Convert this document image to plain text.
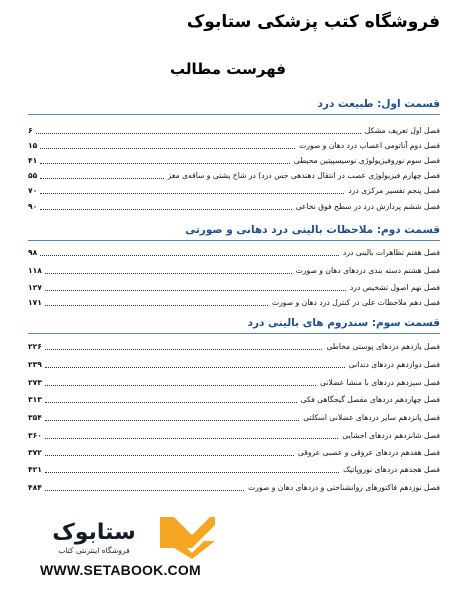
فروشگاه کتب پزشکی ستابوک
فهرست مطالب
قسمت اول: طبیعت درد
فصل اول تعریف مشکل
۶
فصل دوم آناتومی اعصاب درد دهان و صورت
۱۵
فصل سوم نوروفیزیولوژی نوسیسپیتین محیطی
۴۱
فصل چهارم فیزیولوژی عصب در انتقال دهندهی حس درد) در شاخ پشتی و ساقه‌ی مغز
۵۵
فصل پنجم تفسیر مرکزی درد
۷۰
فصل ششم پردازش درد در سطح فوق نخاعی
۹۰
قسمت دوم: ملاحظات بالینی درد دهانی و صورتی
فصل هفتم تظاهرات بالینی درد
۹۸
فصل هشتم دسته بندی دردهای دهان و صورت
۱۱۸
فصل نهم اصول تشخیص درد
۱۲۷
فصل دهم ملاحظات علی در کنترل درد دهان و صورت
۱۷۱
قسمت سوم: سندروم های بالینی درد
فصل یازدهم دردهای پوستی مخاطی
۲۲۶
فصل دوازدهم دردهای دندانی
۲۳۹
فصل سیزدهم دردهای با منشا عضلانی
۲۷۳
فصل چهاردهم دردهای مفصل گیجگاهی فکی
۳۱۳
فصل پانزدهم سایر دردهای عضلانی اسکلتی
۳۵۴
فصل شانزدهم دردهای احشایی
۳۶۰
فصل هفدهم دردهای عروقی و عصبی عروقی
۳۷۲
فصل هجدهم دردهای نوروپاتیک
۴۲۱
فصل نوزدهم فاکتورهای روانشناختی و دردهای دهان و صورت
۴۸۴
ستابوک
فروشگاه اینترنتی کتاب
WWW.SETABOOK.COM
